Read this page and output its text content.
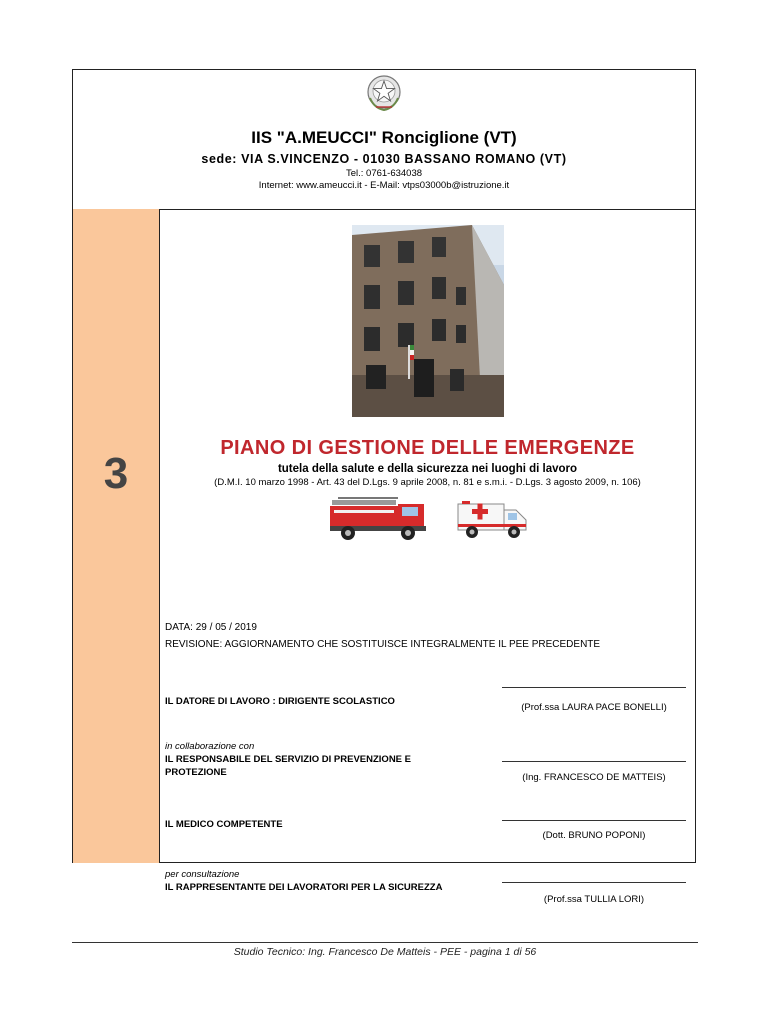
IIS "A.MEUCCI" Ronciglione (VT)
sede: VIA S.VINCENZO - 01030 BASSANO ROMANO (VT)
Tel.: 0761-634038
Internet: www.ameucci.it - E-Mail: vtps03000b@istruzione.it
3
PIANO DI GESTIONE DELLE EMERGENZE
tutela della salute e della sicurezza nei luoghi di lavoro
(D.M.I. 10 marzo 1998 - Art. 43 del D.Lgs. 9 aprile 2008, n. 81 e s.m.i. - D.Lgs. 3 agosto 2009, n. 106)
DATA: 29 / 05 / 2019
REVISIONE: AGGIORNAMENTO CHE SOSTITUISCE INTEGRALMENTE IL PEE PRECEDENTE
IL DATORE DI LAVORO : DIRIGENTE SCOLASTICO
(Prof.ssa LAURA PACE BONELLI)
in collaborazione con
IL RESPONSABILE DEL SERVIZIO DI PREVENZIONE E PROTEZIONE	(Ing. FRANCESCO DE MATTEIS)
IL MEDICO COMPETENTE
(Dott. BRUNO POPONI)
per consultazione
IL RAPPRESENTANTE DEI LAVORATORI PER LA SICUREZZA
(Prof.ssa TULLIA LORI)
Studio Tecnico: Ing. Francesco De Matteis - PEE - pagina 1 di 56
